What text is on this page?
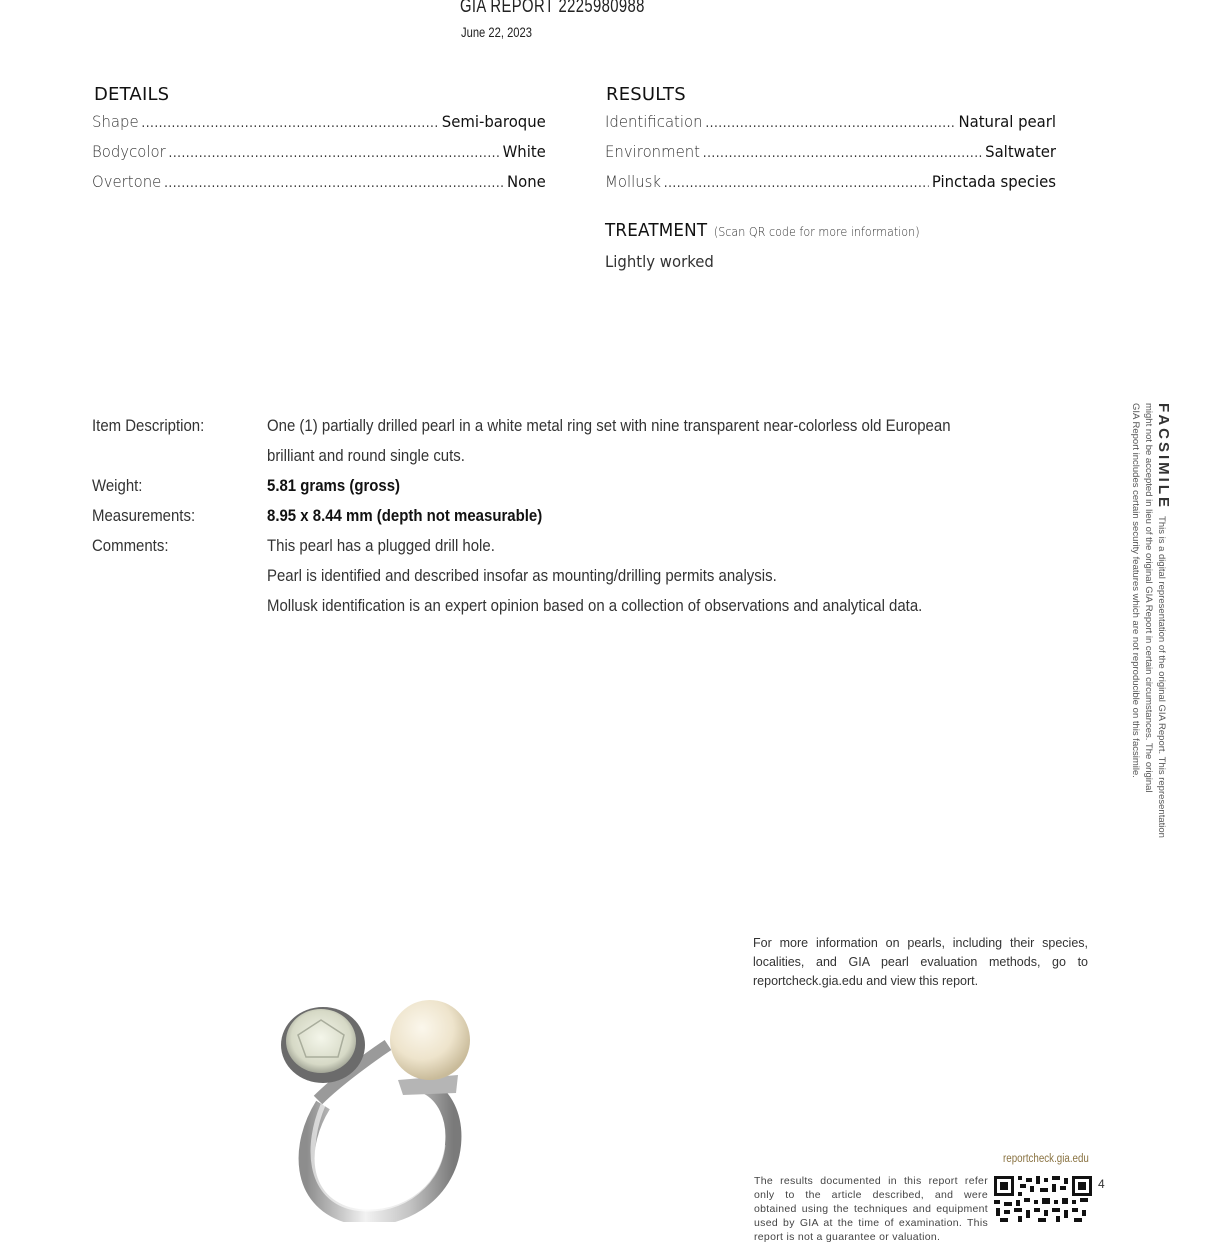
GIA REPORT 2225980988
June 22, 2023
DETAILS
Shape .....	Semi-baroque
Bodycolor .....	White
Overtone .....	None
RESULTS
Identification .....	Natural pearl
Environment .....	Saltwater
Mollusk .....	Pinctada species
TREATMENT (Scan QR code for more information)
Lightly worked
Item Description:	One (1) partially drilled pearl in a white metal ring set with nine transparent near-colorless old European
brilliant and round single cuts.
Weight:	5.81 grams (gross)
Measurements:	8.95 x 8.44 mm (depth not measurable)
Comments:	This pearl has a plugged drill hole.
Pearl is identified and described insofar as mounting/drilling permits analysis.
Mollusk identification is an expert opinion based on a collection of observations and analytical data.
FACSIMILEThis is a digital representation of the original GIA Report. This representation
might not be accepted in lieu of the original GIA Report in certain circumstances. The original
GIA Report includes certain security features which are not reproducible on this facsimile.
For more information on pearls, including their species, localities, and GIA pearl evaluation methods, go to reportcheck.gia.edu and view this report.
reportcheck.gia.edu
The results documented in this report refer only to the article described, and were obtained using the techniques and equipment used by GIA at the time of examination. This report is not a guarantee or valuation.
4
